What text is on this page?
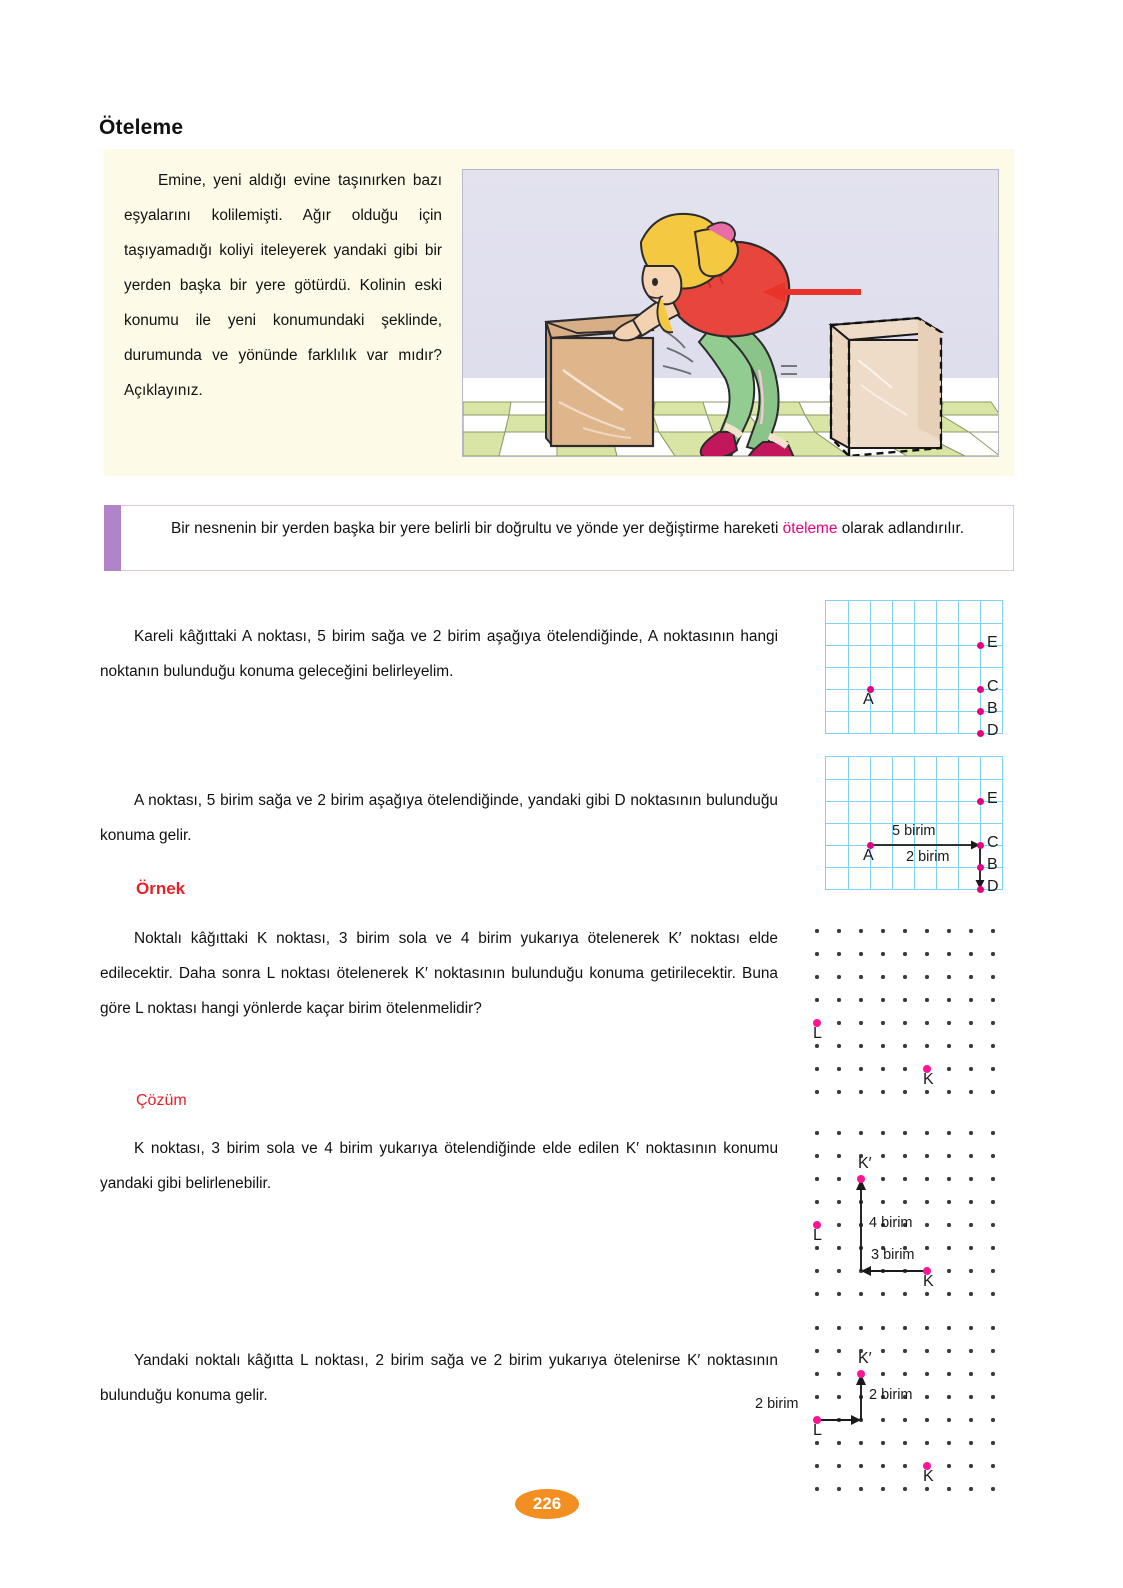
Öteleme
Emine, yeni aldığı evine taşınırken bazı eşyalarını kolilemişti. Ağır olduğu için taşıyamadığı koliyi iteleyerek yandaki gibi bir yerden başka bir yere götürdü. Kolinin eski konumu ile yeni konumundaki şeklinde, durumunda ve yönünde farklılık var mıdır? Açıklayınız.
Bir nesnenin bir yerden başka bir yere belirli bir doğrultu ve yönde yer değiştirme hareketi öteleme olarak adlandırılır.
Kareli kâğıttaki A noktası, 5 birim sağa ve 2 birim aşağıya ötelendiğinde, A noktasının hangi noktanın bulunduğu konuma geleceğini belirleyelim.
A
E
C
B
D
A noktası, 5 birim sağa ve 2 birim aşağıya ötelendiğinde, yandaki gibi D noktasının bulunduğu konuma gelir.	5 birim
2 birim
A
E
C
B
D
Örnek
Noktalı kâğıttaki K noktası, 3 birim sola ve 4 birim yukarıya ötelenerek K′ noktası elde edilecektir. Daha sonra L noktası ötelenerek K′ noktasının bulunduğu konuma getirilecektir. Buna göre L noktası hangi yönlerde kaçar birim ötelenmelidir?
L
K
Çözüm
K noktası, 3 birim sola ve 4 birim yukarıya ötelendiğinde elde edilen K′ noktasının konumu yandaki gibi belirlenebilir.
3 birim
4 birim
L
K
K′
Yandaki noktalı kâğıtta L noktası, 2 birim sağa ve 2 birim yukarıya ötelenirse K′ noktasının bulunduğu konuma gelir.	2 birim
2 birim
L
K
K′
226
